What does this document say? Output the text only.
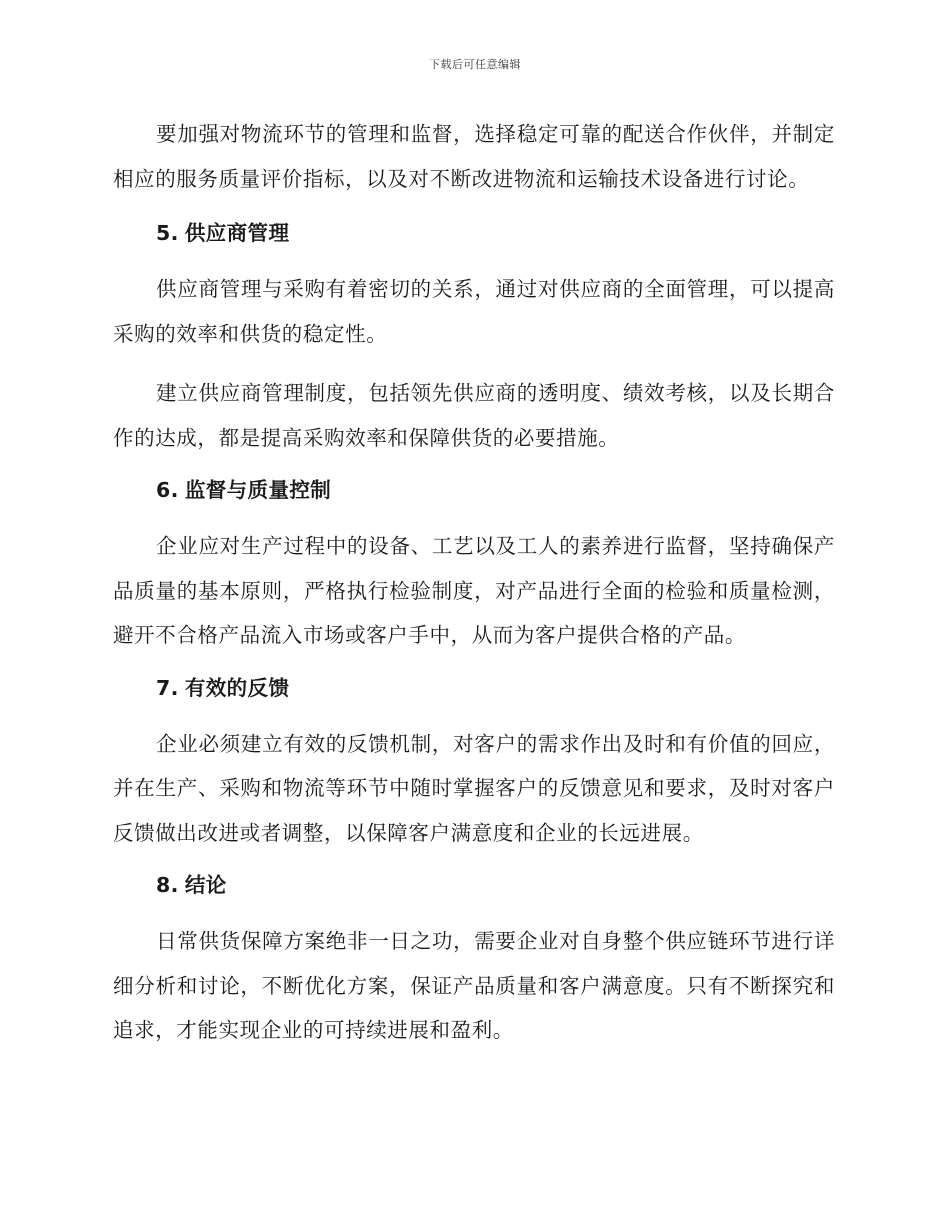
下载后可任意编辑

要加强对物流环节的管理和监督，选择稳定可靠的配送合作伙伴，并制定相应的服务质量评价指标，以及对不断改进物流和运输技术设备进行讨论。

5. 供应商管理

供应商管理与采购有着密切的关系，通过对供应商的全面管理，可以提高采购的效率和供货的稳定性。

建立供应商管理制度，包括领先供应商的透明度、绩效考核，以及长期合作的达成，都是提高采购效率和保障供货的必要措施。

6. 监督与质量控制

企业应对生产过程中的设备、工艺以及工人的素养进行监督，坚持确保产品质量的基本原则，严格执行检验制度，对产品进行全面的检验和质量检测，避开不合格产品流入市场或客户手中，从而为客户提供合格的产品。

7. 有效的反馈

企业必须建立有效的反馈机制，对客户的需求作出及时和有价值的回应，并在生产、采购和物流等环节中随时掌握客户的反馈意见和要求，及时对客户反馈做出改进或者调整，以保障客户满意度和企业的长远进展。

8. 结论

日常供货保障方案绝非一日之功，需要企业对自身整个供应链环节进行详细分析和讨论，不断优化方案，保证产品质量和客户满意度。只有不断探究和追求，才能实现企业的可持续进展和盈利。
